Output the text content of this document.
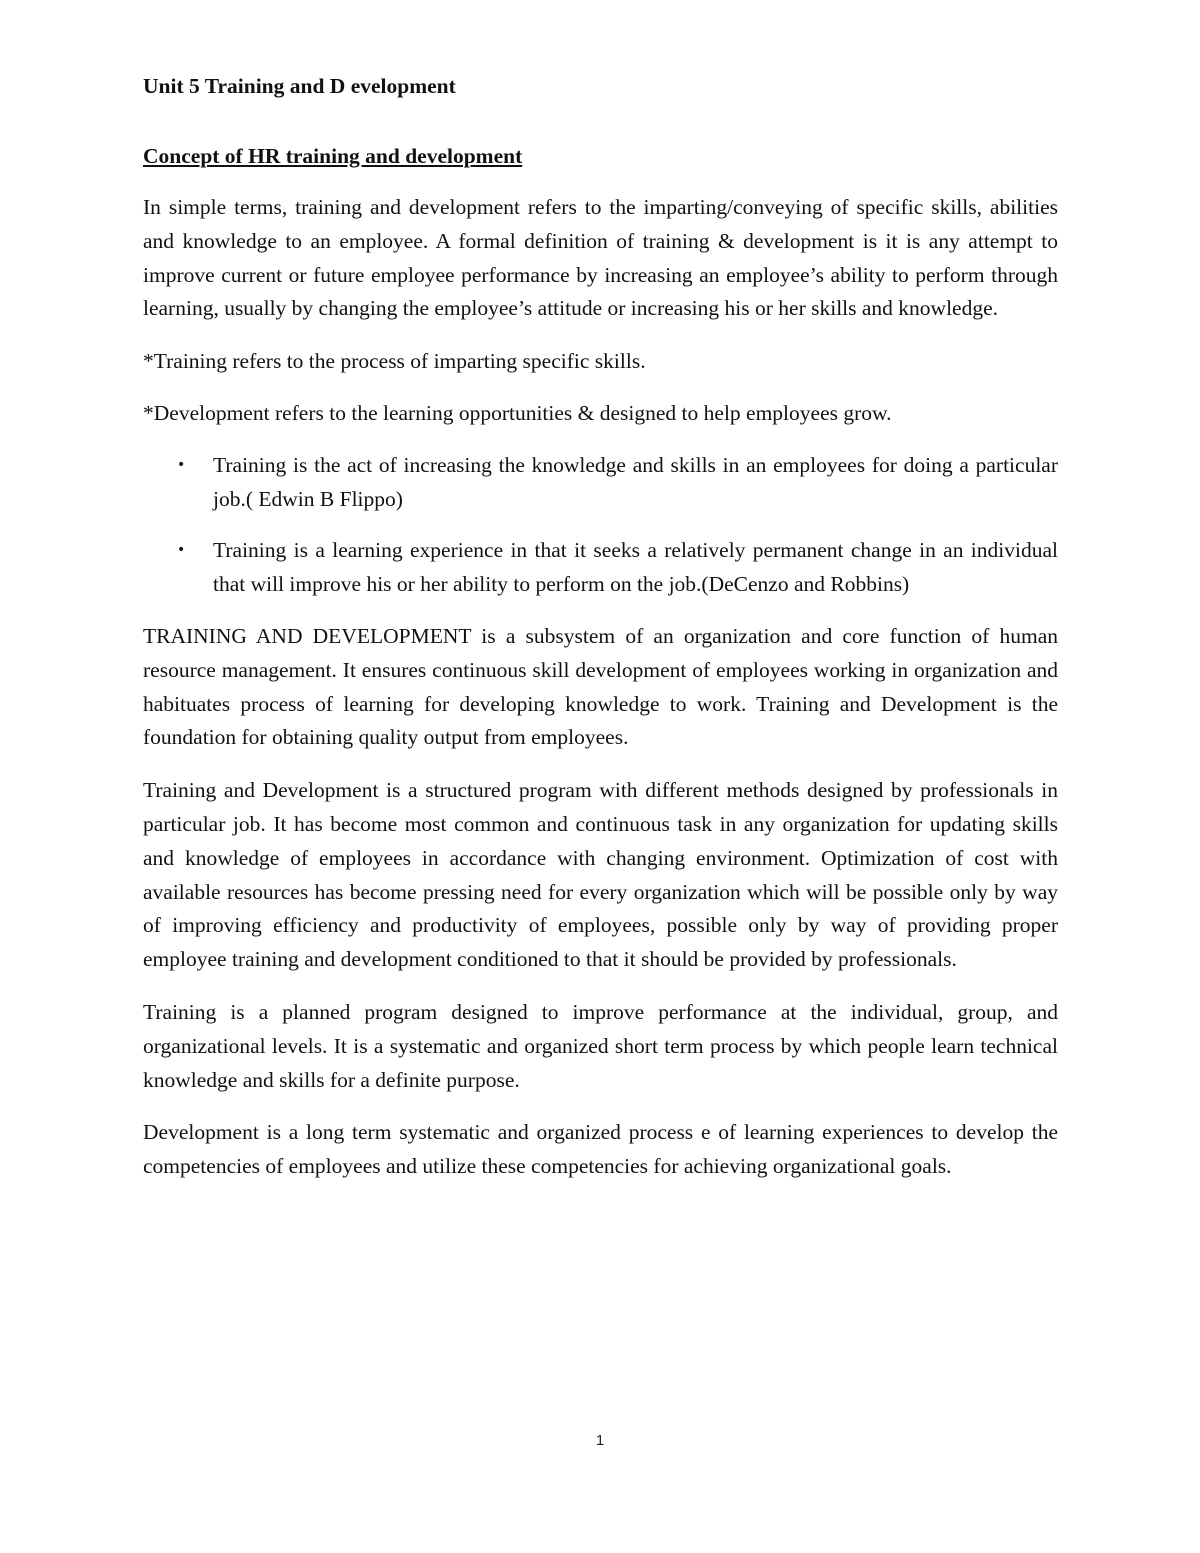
Unit 5 Training and D evelopment

Concept of HR training and development

In simple terms, training and development refers to the imparting/conveying of specific skills, abilities and knowledge to an employee. A formal definition of training & development is it is any attempt to improve current or future employee performance by increasing an employee’s ability to perform through learning, usually by changing the employee’s attitude or increasing his or her skills and knowledge.

*Training refers to the process of imparting specific skills.

*Development refers to the learning opportunities & designed to help employees grow.

• Training is the act of increasing the knowledge and skills in an employees for doing a particular job.( Edwin B Flippo)
• Training is a learning experience in that it seeks a relatively permanent change in an individual that will improve his or her ability to perform on the job.(DeCenzo and Robbins)

TRAINING AND DEVELOPMENT is a subsystem of an organization and core function of human resource management. It ensures continuous skill development of employees working in organization and habituates process of learning for developing knowledge to work. Training and Development is the foundation for obtaining quality output from employees.

Training and Development is a structured program with different methods designed by professionals in particular job. It has become most common and continuous task in any organization for updating skills and knowledge of employees in accordance with changing environment. Optimization of cost with available resources has become pressing need for every organization which will be possible only by way of improving efficiency and productivity of employees, possible only by way of providing proper employee training and development conditioned to that it should be provided by professionals.

Training is a planned program designed to improve performance at the individual, group, and organizational levels. It is a systematic and organized short term process by which people learn technical knowledge and skills for a definite purpose.

Development is a long term systematic and organized process e of learning experiences to develop the competencies of employees and utilize these competencies for achieving organizational goals.

1
